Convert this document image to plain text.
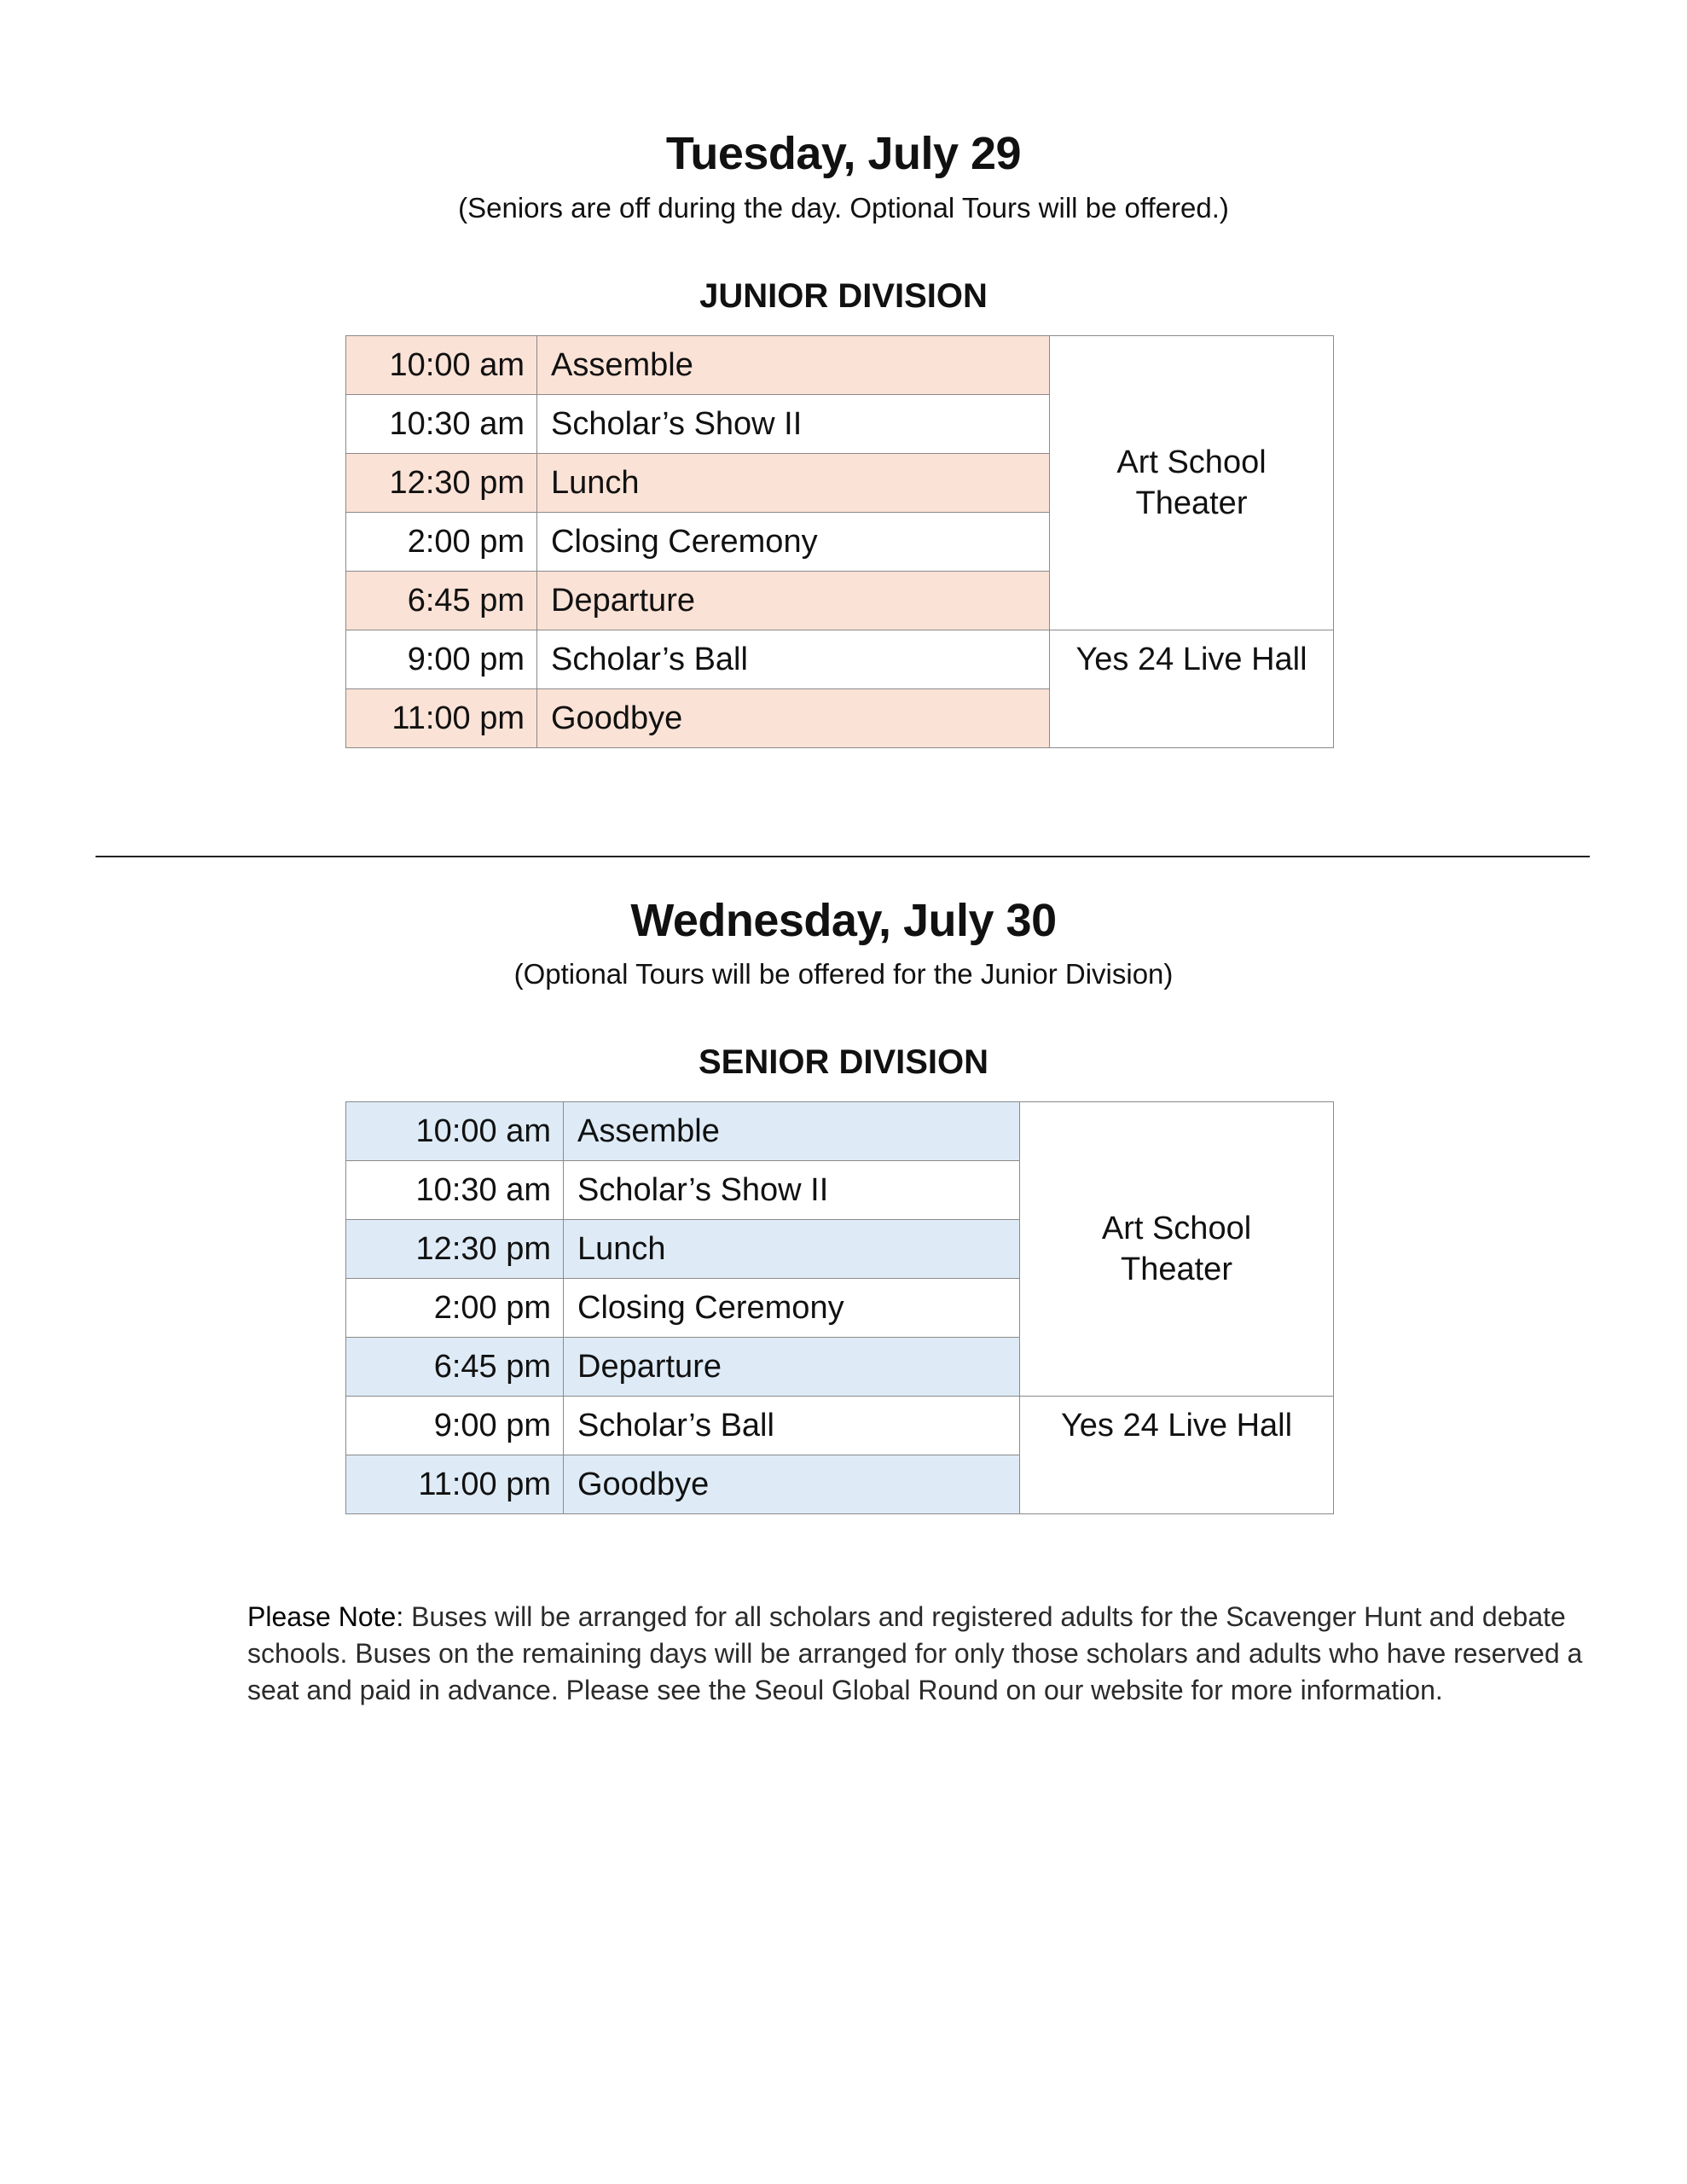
Tuesday, July 29
(Seniors are off during the day. Optional Tours will be offered.)
JUNIOR DIVISION
10:00 am	Assemble	Art School
Theater

10:30 am	Scholar’s Show II	
12:30 pm	Lunch	
2:00 pm	Closing Ceremony	
6:45 pm	Departure	
9:00 pm	Scholar’s Ball	Yes 24 Live Hall
11:00 pm	Goodbye	
Wednesday, July 30
(Optional Tours will be offered for the Junior Division)
SENIOR DIVISION
10:00 am	Assemble	Art School
Theater

10:30 am	Scholar’s Show II	
12:30 pm	Lunch	
2:00 pm	Closing Ceremony	
6:45 pm	Departure	
9:00 pm	Scholar’s Ball	Yes 24 Live Hall
11:00 pm	Goodbye	
Please Note: Buses will be arranged for all scholars and registered adults for the Scavenger Hunt and debate schools. Buses on the remaining days will be arranged for only those scholars and adults who have reserved a seat and paid in advance. Please see the Seoul Global Round on our website for more information.
